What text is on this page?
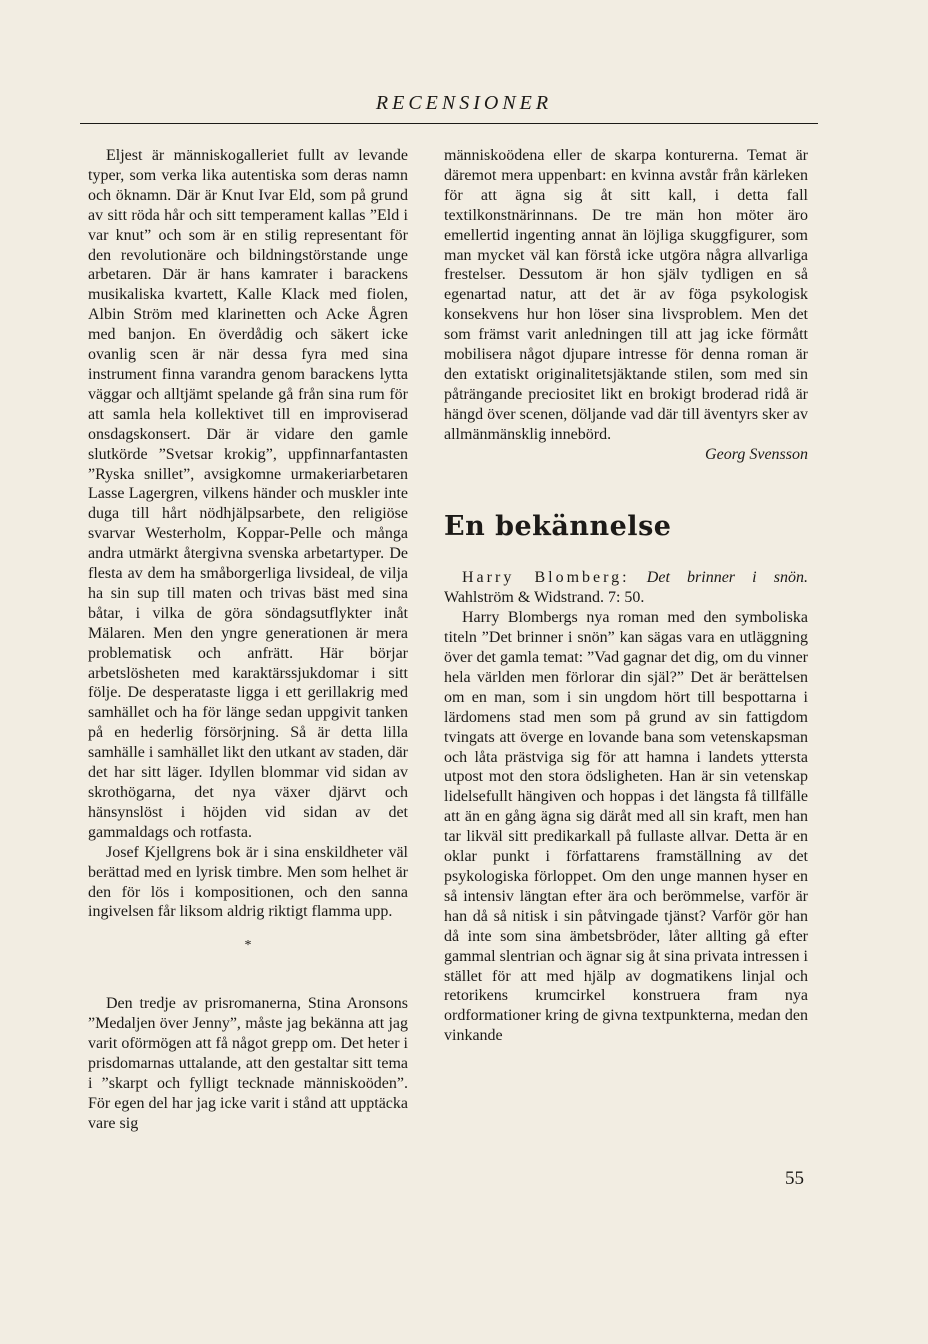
RECENSIONER

Eljest är människogalleriet fullt av levande typer, som verka lika autentiska som deras namn och öknamn. Där är Knut Ivar Eld, som på grund av sitt röda hår och sitt temperament kallas ”Eld i var knut” och som är en stilig representant för den revolutionäre och bildningstörstande unge arbetaren. Där är hans kamrater i barackens musikaliska kvartett, Kalle Klack med fiolen, Albin Ström med klarinetten och Acke Ågren med banjon. En överdådig och säkert icke ovanlig scen är när dessa fyra med sina instrument finna varandra genom barackens lytta väggar och alltjämt spelande gå från sina rum för att samla hela kollektivet till en improviserad onsdagskonsert. Där är vidare den gamle slutkörde ”Svetsar krokig”, uppfinnarfantasten ”Ryska snillet”, avsigkomne urmakeriarbetaren Lasse Lagergren, vilkens händer och muskler inte duga till hårt nödhjälpsarbete, den religiöse svarvar Westerholm, Koppar-Pelle och många andra utmärkt återgivna svenska arbetartyper. De flesta av dem ha småborgerliga livsideal, de vilja ha sin sup till maten och trivas bäst med sina båtar, i vilka de göra söndagsutflykter inåt Mälaren. Men den yngre generationen är mera problematisk och anfrätt. Här börjar arbetslösheten med karaktärssjukdomar i sitt följe. De desperataste ligga i ett gerillakrig med samhället och ha för länge sedan uppgivit tanken på en hederlig försörjning. Så är detta lilla samhälle i samhället likt den utkant av staden, där det har sitt läger. Idyllen blommar vid sidan av skrothögarna, det nya växer djärvt och hänsynslöst i höjden vid sidan av det gammaldags och rotfasta.

Josef Kjellgrens bok är i sina enskildheter väl berättad med en lyrisk timbre. Men som helhet är den för lös i kompositionen, och den sanna ingivelsen får liksom aldrig riktigt flamma upp.

*

Den tredje av prisromanerna, Stina Aronsons ”Medaljen över Jenny”, måste jag bekänna att jag varit oförmögen att få något grepp om. Det heter i prisdomarnas uttalande, att den gestaltar sitt tema i ”skarpt och fylligt tecknade människoöden”. För egen del har jag icke varit i stånd att upptäcka vare sig

människoödena eller de skarpa konturerna. Temat är däremot mera uppenbart: en kvinna avstår från kärleken för att ägna sig åt sitt kall, i detta fall textilkonstnärinnans. De tre män hon möter äro emellertid ingenting annat än löjliga skuggfigurer, som man mycket väl kan förstå icke utgöra några allvarliga frestelser. Dessutom är hon själv tydligen en så egenartad natur, att det är av föga psykologisk konsekvens hur hon löser sina livsproblem. Men det som främst varit anledningen till att jag icke förmått mobilisera något djupare intresse för denna roman är den extatiskt originalitetsjäktande stilen, som med sin påträngande preciositet likt en brokigt broderad ridå är hängd över scenen, döljande vad där till äventyrs sker av allmänmänsklig innebörd.

Georg Svensson

En bekännelse

Harry Blomberg: Det brinner i snön. Wahlström & Widstrand. 7: 50.

Harry Blombergs nya roman med den symboliska titeln ”Det brinner i snön” kan sägas vara en utläggning över det gamla temat: ”Vad gagnar det dig, om du vinner hela världen men förlorar din själ?” Det är berättelsen om en man, som i sin ungdom hört till bespottarna i lärdomens stad men som på grund av sin fattigdom tvingats att överge en lovande bana som vetenskapsman och låta prästviga sig för att hamna i landets yttersta utpost mot den stora ödsligheten. Han är sin vetenskap lidelsefullt hängiven och hoppas i det längsta få tillfälle att än en gång ägna sig däråt med all sin kraft, men han tar likväl sitt predikarkall på fullaste allvar. Detta är en oklar punkt i författarens framställning av det psykologiska förloppet. Om den unge mannen hyser en så intensiv längtan efter ära och berömmelse, varför är han då så nitisk i sin påtvingade tjänst? Varför gör han då inte som sina ämbetsbröder, låter allting gå efter gammal slentrian och ägnar sig åt sina privata intressen i stället för att med hjälp av dogmatikens linjal och retorikens krumcirkel konstruera fram nya ordformationer kring de givna textpunkterna, medan den vinkande

55
